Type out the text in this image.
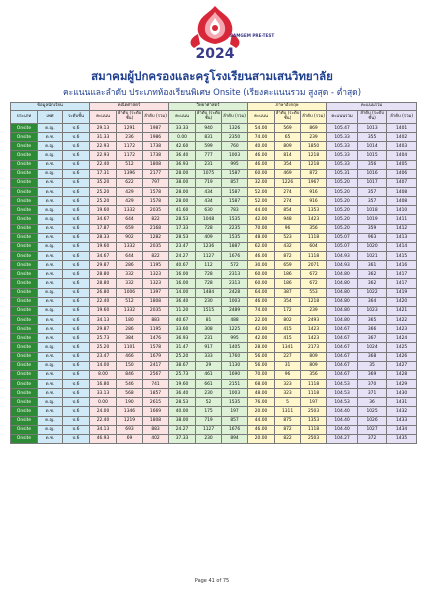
SAMGEM PRE-TEST
2024
สมาคมผู้ปกครองและครูโรงเรียนสามเสนวิทยาลัย
คะแนนและลำดับ ประเภทห้องเรียนพิเศษ Onsite (เรียงคะแนนรวม สูงสุด - ต่ำสุด)
ข้อมูลนักเรียน			คณิตศาสตร์			วิทยาศาสตร์			ภาษาอังกฤษ			คะแนนรวม		
ประเภท	เพศ	ระดับชั้น	คะแนน	ลำดับ (ระดับชั้น)	ลำดับ (รวม)	คะแนน	ลำดับ (ระดับชั้น)	ลำดับ (รวม)	คะแนน	ลำดับ (ระดับชั้น)	ลำดับ (รวม)	คะแนนรวม	ลำดับ (ระดับชั้น)	ลำดับ (รวม)
Onsite	ด.ญ.	ป.6	29.13	1291	1987	33.33	940	1326	54.00	569	869	105.47	1013	1401
Onsite	ด.ช.	ป.6	31.33	236	1986	0.00	831	2350	74.00	65	239	105.33	355	1402
Onsite	ด.ญ.	ป.6	22.93	1172	1738	42.60	599	760	40.00	809	1850	105.33	1014	1403
Onsite	ด.ญ.	ป.6	22.93	1172	1738	36.40	777	1003	46.00	814	1218	105.33	1015	1404
Onsite	ด.ช.	ป.6	22.40	512	1808	36.93	231	995	46.00	354	1218	105.33	356	1405
Onsite	ด.ญ.	ป.6	17.31	1396	2177	28.00	1075	1587	60.00	469	872	105.31	1016	1406
Onsite	ด.ช.	ป.6	35.20	622	797	38.00	719	857	32.00	1226	1967	105.20	1017	1407
Onsite	ด.ช.	ป.6	25.20	429	1578	28.00	434	1587	52.00	274	916	105.20	357	1408
Onsite	ด.ช.	ป.6	25.20	429	1578	28.00	434	1587	52.00	274	916	105.20	357	1408
Onsite	ด.ญ.	ป.6	19.60	1332	2035	41.60	630	783	44.00	854	1353	105.20	1018	1410
Onsite	ด.ญ.	ป.6	34.67	644	822	28.53	1048	1535	42.00	948	1423	105.20	1019	1411
Onsite	ด.ช.	ป.6	17.87	659	2168	17.33	728	2235	70.00	96	356	105.20	359	1412
Onsite	ด.ช.	ป.6	28.33	902	1282	28.53	409	1535	48.00	523	1118	105.07	963	1413
Onsite	ด.ญ.	ป.6	19.60	1332	2035	23.47	1236	1887	62.00	432	604	105.07	1020	1414
Onsite	ด.ช.	ป.6	34.67	644	822	24.27	1127	1676	46.00	872	1118	104.93	1021	1415
Onsite	ด.ช.	ป.6	29.87	286	1195	40.67	112	572	30.00	659	2071	104.93	361	1416
Onsite	ด.ช.	ป.6	28.80	332	1323	16.00	728	2313	60.00	186	672	104.80	362	1417
Onsite	ด.ช.	ป.6	28.80	332	1323	16.00	728	2313	60.00	186	672	104.80	362	1417
Onsite	ด.ญ.	ป.6	26.80	1006	1397	14.00	1484	2428	64.00	387	553	104.80	1022	1419
Onsite	ด.ช.	ป.6	22.40	512	1808	36.40	230	1003	46.00	354	1218	104.80	364	1420
Onsite	ด.ญ.	ป.6	19.60	1332	2035	11.20	1515	2489	74.00	172	239	104.80	1023	1421
Onsite	ด.ช.	ป.6	34.13	180	883	40.67	81	488	22.00	802	2493	104.80	365	1422
Onsite	ด.ช.	ป.6	29.87	286	1195	33.60	308	1225	42.00	415	1423	104.67	366	1423
Onsite	ด.ช.	ป.6	25.73	384	1476	36.93	231	995	42.00	415	1423	104.67	367	1424
Onsite	ด.ญ.	ป.6	25.20	1101	1578	31.47	917	1405	28.00	1341	2173	104.67	1024	1425
Onsite	ด.ช.	ป.6	23.47	466	1679	25.20	333	1760	56.00	227	809	104.67	368	1426
Onsite	ด.ญ.	ป.6	14.00	150	2417	38.67	29	1130	56.00	31	809	104.67	35	1427
Onsite	ด.ช.	ป.6	8.00	846	2567	25.73	461	1690	70.00	96	356	104.67	369	1428
Onsite	ด.ช.	ป.6	16.80	546	741	19.60	661	2151	68.00	323	1118	104.53	370	1429
Onsite	ด.ช.	ป.6	33.13	568	1857	36.40	230	1003	48.00	323	1118	104.53	371	1430
Onsite	ด.ญ.	ป.6	0.00	190	2615	28.53	52	1535	76.00	5	197	104.53	36	1431
Onsite	ด.ช.	ป.6	24.00	1346	1669	40.00	175	197	20.00	1311	2503	104.40	1025	1432
Onsite	ด.ญ.	ป.6	22.40	1219	1808	38.00	719	857	44.00	875	1353	104.40	1026	1433
Onsite	ด.ญ.	ป.6	34.13	693	883	24.27	1127	1676	46.00	872	1118	104.40	1027	1434
Onsite	ด.ช.	ป.6	46.93	69	402	37.33	230	894	20.00	822	2503	104.27	372	1435
Page 41 of 75
